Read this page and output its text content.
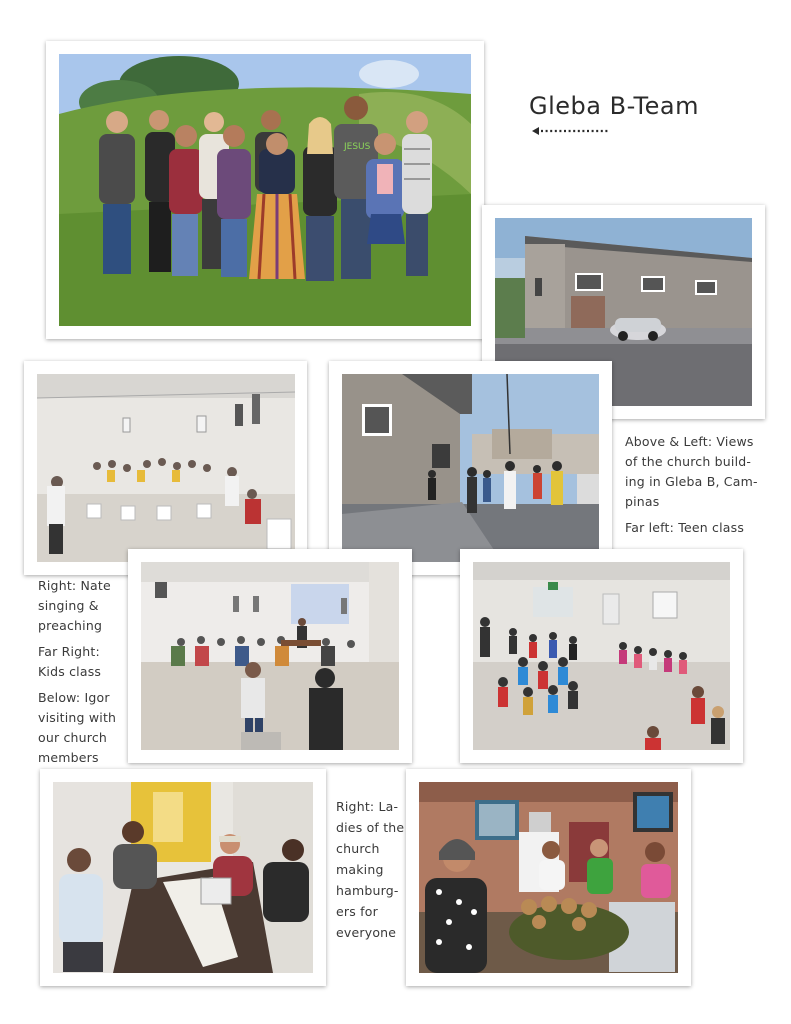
Gleba B-Team
JESUS
Above & Left: Views
of the church build-
ing in Gleba B, Cam-
pinas
Far left: Teen class
Right: Nate
singing &
preaching
Far Right:
Kids class
Below: Igor
visiting with
our church
members
Right: La-
dies of the
church
making
hamburg-
ers for
everyone
